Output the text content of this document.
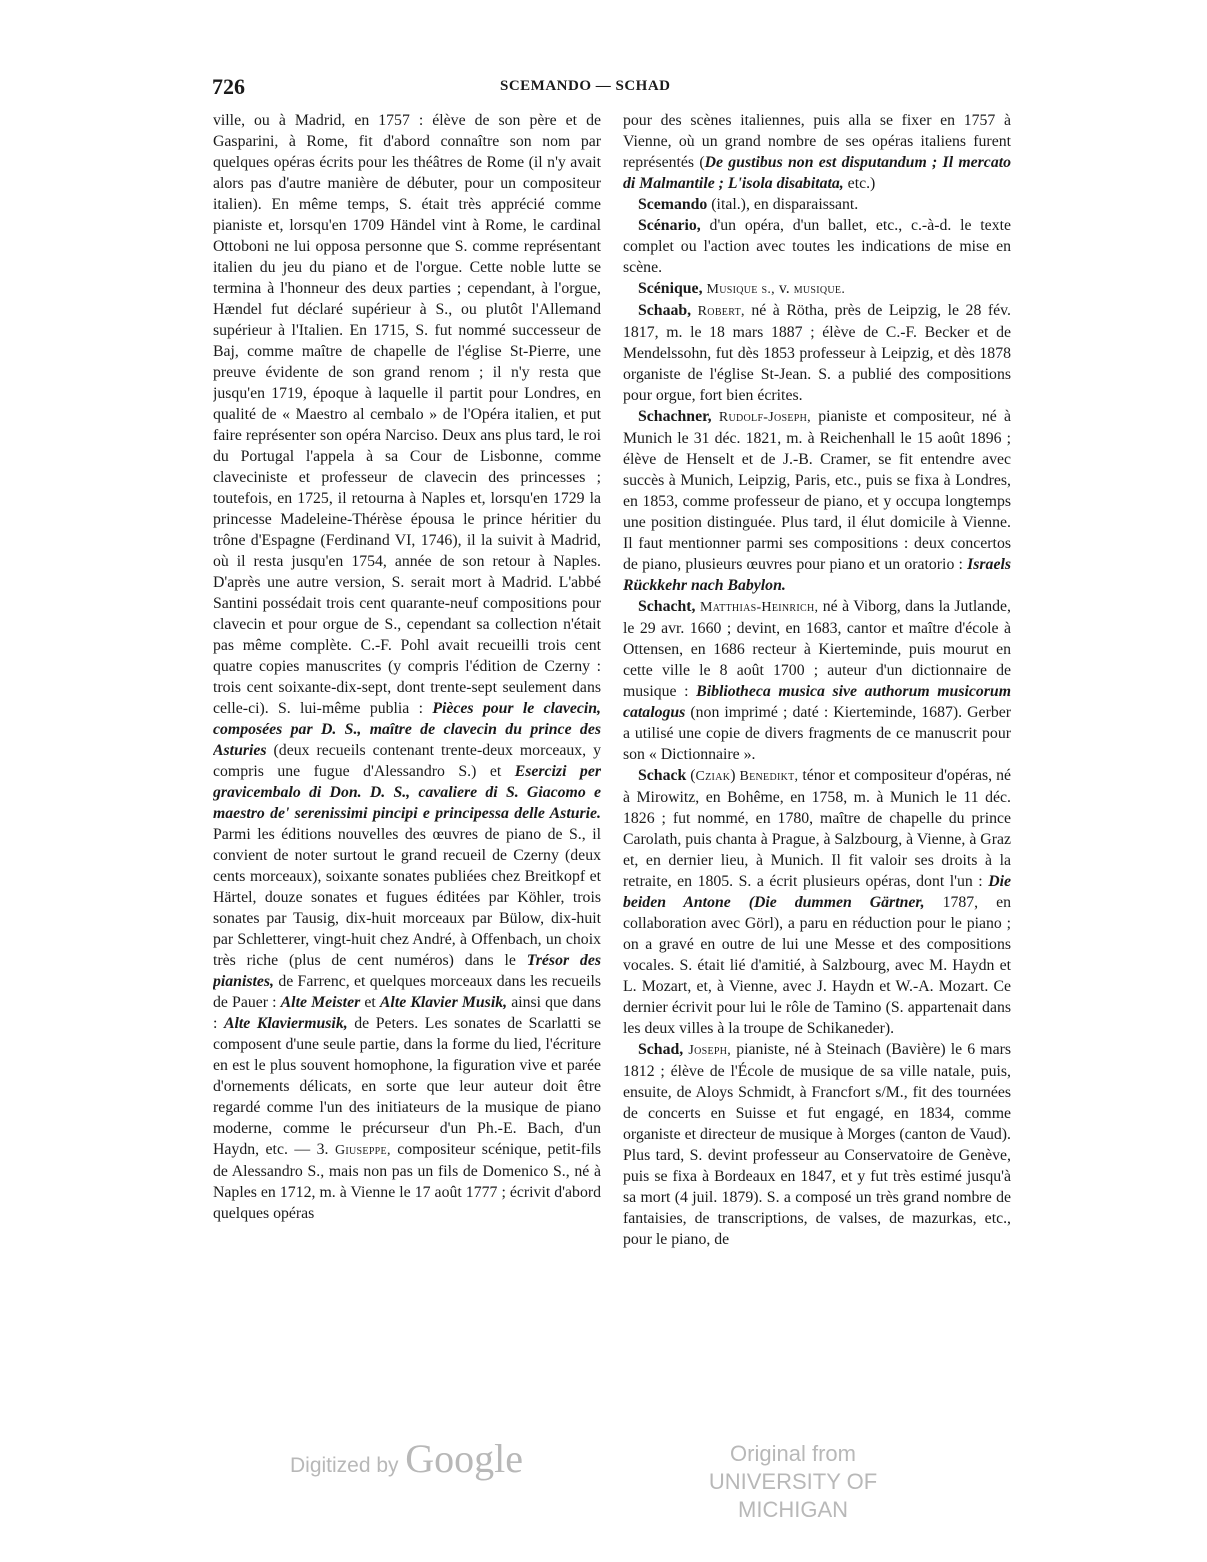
726	SCEMANDO — SCHAD

ville, ou à Madrid, en 1757 : élève de son père et de Gasparini, à Rome, fit d'abord connaître son nom par quelques opéras écrits pour les théâtres de Rome (il n'y avait alors pas d'autre manière de débuter, pour un compositeur italien). En même temps, S. était très apprécié comme pianiste et, lorsqu'en 1709 Händel vint à Rome, le cardinal Ottoboni ne lui opposa personne que S. comme représentant italien du jeu du piano et de l'orgue. Cette noble lutte se termina à l'honneur des deux parties ; cependant, à l'orgue, Hændel fut déclaré supérieur à S., ou plutôt l'Allemand supérieur à l'Italien. En 1715, S. fut nommé successeur de Baj, comme maître de chapelle de l'église St-Pierre, une preuve évidente de son grand renom ; il n'y resta que jusqu'en 1719, époque à laquelle il partit pour Londres, en qualité de « Maestro al cembalo » de l'Opéra italien, et put faire représenter son opéra Narciso. Deux ans plus tard, le roi du Portugal l'appela à sa Cour de Lisbonne, comme claveciniste et professeur de clavecin des princesses ; toutefois, en 1725, il retourna à Naples et, lorsqu'en 1729 la princesse Madeleine-Thérèse épousa le prince héritier du trône d'Espagne (Ferdinand VI, 1746), il la suivit à Madrid, où il resta jusqu'en 1754, année de son retour à Naples. D'après une autre version, S. serait mort à Madrid. L'abbé Santini possédait trois cent quarante-neuf compositions pour clavecin et pour orgue de S., cependant sa collection n'était pas même complète. C.-F. Pohl avait recueilli trois cent quatre copies manuscrites (y compris l'édition de Czerny : trois cent soixante-dix-sept, dont trente-sept seulement dans celle-ci). S. lui-même publia : Pièces pour le clavecin, composées par D. S., maître de clavecin du prince des Asturies (deux recueils contenant trente-deux morceaux, y compris une fugue d'Alessandro S.) et Esercizi per gravicembalo di Don. D. S., cavaliere di S. Giacomo e maestro de' serenissimi pincipi e principessa delle Asturie. Parmi les éditions nouvelles des œuvres de piano de S., il convient de noter surtout le grand recueil de Czerny (deux cents morceaux), soixante sonates publiées chez Breitkopf et Härtel, douze sonates et fugues éditées par Köhler, trois sonates par Tausig, dix-huit morceaux par Bülow, dix-huit par Schletterer, vingt-huit chez André, à Offenbach, un choix très riche (plus de cent numéros) dans le Trésor des pianistes, de Farrenc, et quelques morceaux dans les recueils de Pauer : Alte Meister et Alte Klavier Musik, ainsi que dans : Alte Klaviermusik, de Peters. Les sonates de Scarlatti se composent d'une seule partie, dans la forme du lied, l'écriture en est le plus souvent homophone, la figuration vive et parée d'ornements délicats, en sorte que leur auteur doit être regardé comme l'un des initiateurs de la musique de piano moderne, comme le précurseur d'un Ph.-E. Bach, d'un Haydn, etc. — 3. Giuseppe, compositeur scénique, petit-fils de Alessandro S., mais non pas un fils de Domenico S., né à Naples en 1712, m. à Vienne le 17 août 1777 ; écrivit d'abord quelques opéras

pour des scènes italiennes, puis alla se fixer en 1757 à Vienne, où un grand nombre de ses opéras italiens furent représentés (De gustibus non est disputandum ; Il mercato di Malmantile ; L'isola disabitata, etc.)

Scemando (ital.), en disparaissant.

Scénario, d'un opéra, d'un ballet, etc., c.-à-d. le texte complet ou l'action avec toutes les indications de mise en scène.

Scénique, Musique s., v. musique.

Schaab, Robert, né à Rötha, près de Leipzig, le 28 fév. 1817, m. le 18 mars 1887 ; élève de C.-F. Becker et de Mendelssohn, fut dès 1853 professeur à Leipzig, et dès 1878 organiste de l'église St-Jean. S. a publié des compositions pour orgue, fort bien écrites.

Schachner, Rudolf-Joseph, pianiste et compositeur, né à Munich le 31 déc. 1821, m. à Reichenhall le 15 août 1896 ; élève de Henselt et de J.-B. Cramer, se fit entendre avec succès à Munich, Leipzig, Paris, etc., puis se fixa à Londres, en 1853, comme professeur de piano, et y occupa longtemps une position distinguée. Plus tard, il élut domicile à Vienne. Il faut mentionner parmi ses compositions : deux concertos de piano, plusieurs œuvres pour piano et un oratorio : Israels Rückkehr nach Babylon.

Schacht, Matthias-Heinrich, né à Viborg, dans la Jutlande, le 29 avr. 1660 ; devint, en 1683, cantor et maître d'école à Ottensen, en 1686 recteur à Kierteminde, puis mourut en cette ville le 8 août 1700 ; auteur d'un dictionnaire de musique : Bibliotheca musica sive authorum musicorum catalogus (non imprimé ; daté : Kierteminde, 1687). Gerber a utilisé une copie de divers fragments de ce manuscrit pour son « Dictionnaire ».

Schack (Cziak) Benedikt, ténor et compositeur d'opéras, né à Mirowitz, en Bohême, en 1758, m. à Munich le 11 déc. 1826 ; fut nommé, en 1780, maître de chapelle du prince Carolath, puis chanta à Prague, à Salzbourg, à Vienne, à Graz et, en dernier lieu, à Munich. Il fit valoir ses droits à la retraite, en 1805. S. a écrit plusieurs opéras, dont l'un : Die beiden Antone (Die dummen Gärtner, 1787, en collaboration avec Görl), a paru en réduction pour le piano ; on a gravé en outre de lui une Messe et des compositions vocales. S. était lié d'amitié, à Salzbourg, avec M. Haydn et L. Mozart, et, à Vienne, avec J. Haydn et W.-A. Mozart. Ce dernier écrivit pour lui le rôle de Tamino (S. appartenait dans les deux villes à la troupe de Schikaneder).

Schad, Joseph, pianiste, né à Steinach (Bavière) le 6 mars 1812 ; élève de l'École de musique de sa ville natale, puis, ensuite, de Aloys Schmidt, à Francfort s/M., fit des tournées de concerts en Suisse et fut engagé, en 1834, comme organiste et directeur de musique à Morges (canton de Vaud). Plus tard, S. devint professeur au Conservatoire de Genève, puis se fixa à Bordeaux en 1847, et y fut très estimé jusqu'à sa mort (4 juil. 1879). S. a composé un très grand nombre de fantaisies, de transcriptions, de valses, de mazurkas, etc., pour le piano, de

Digitized by Google	Original from
UNIVERSITY OF MICHIGAN
